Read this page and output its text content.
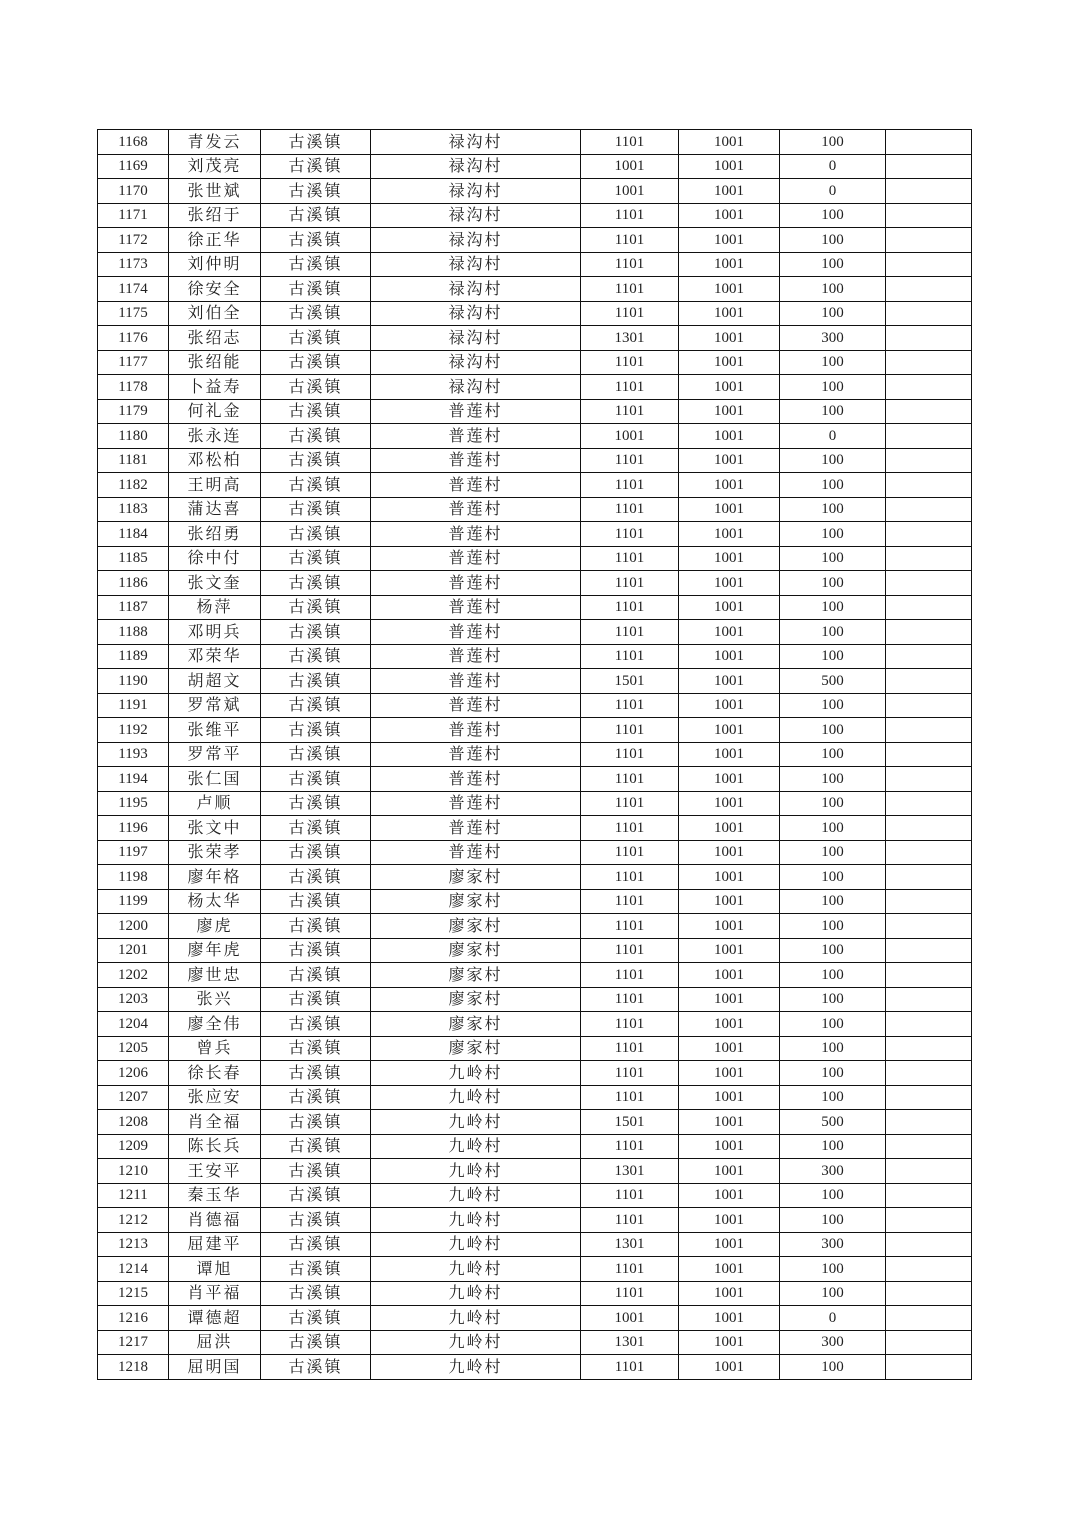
1168	青发云	古溪镇	禄沟村	1101	1001	100	
1169	刘茂亮	古溪镇	禄沟村	1001	1001	0	
1170	张世斌	古溪镇	禄沟村	1001	1001	0	
1171	张绍于	古溪镇	禄沟村	1101	1001	100	
1172	徐正华	古溪镇	禄沟村	1101	1001	100	
1173	刘仲明	古溪镇	禄沟村	1101	1001	100	
1174	徐安全	古溪镇	禄沟村	1101	1001	100	
1175	刘伯全	古溪镇	禄沟村	1101	1001	100	
1176	张绍志	古溪镇	禄沟村	1301	1001	300	
1177	张绍能	古溪镇	禄沟村	1101	1001	100	
1178	卜益寿	古溪镇	禄沟村	1101	1001	100	
1179	何礼金	古溪镇	普莲村	1101	1001	100	
1180	张永连	古溪镇	普莲村	1001	1001	0	
1181	邓松柏	古溪镇	普莲村	1101	1001	100	
1182	王明高	古溪镇	普莲村	1101	1001	100	
1183	蒲达喜	古溪镇	普莲村	1101	1001	100	
1184	张绍勇	古溪镇	普莲村	1101	1001	100	
1185	徐中付	古溪镇	普莲村	1101	1001	100	
1186	张文奎	古溪镇	普莲村	1101	1001	100	
1187	杨萍	古溪镇	普莲村	1101	1001	100	
1188	邓明兵	古溪镇	普莲村	1101	1001	100	
1189	邓荣华	古溪镇	普莲村	1101	1001	100	
1190	胡超文	古溪镇	普莲村	1501	1001	500	
1191	罗常斌	古溪镇	普莲村	1101	1001	100	
1192	张维平	古溪镇	普莲村	1101	1001	100	
1193	罗常平	古溪镇	普莲村	1101	1001	100	
1194	张仁国	古溪镇	普莲村	1101	1001	100	
1195	卢顺	古溪镇	普莲村	1101	1001	100	
1196	张文中	古溪镇	普莲村	1101	1001	100	
1197	张荣孝	古溪镇	普莲村	1101	1001	100	
1198	廖年格	古溪镇	廖家村	1101	1001	100	
1199	杨太华	古溪镇	廖家村	1101	1001	100	
1200	廖虎	古溪镇	廖家村	1101	1001	100	
1201	廖年虎	古溪镇	廖家村	1101	1001	100	
1202	廖世忠	古溪镇	廖家村	1101	1001	100	
1203	张兴	古溪镇	廖家村	1101	1001	100	
1204	廖全伟	古溪镇	廖家村	1101	1001	100	
1205	曾兵	古溪镇	廖家村	1101	1001	100	
1206	徐长春	古溪镇	九岭村	1101	1001	100	
1207	张应安	古溪镇	九岭村	1101	1001	100	
1208	肖全福	古溪镇	九岭村	1501	1001	500	
1209	陈长兵	古溪镇	九岭村	1101	1001	100	
1210	王安平	古溪镇	九岭村	1301	1001	300	
1211	秦玉华	古溪镇	九岭村	1101	1001	100	
1212	肖德福	古溪镇	九岭村	1101	1001	100	
1213	屈建平	古溪镇	九岭村	1301	1001	300	
1214	谭旭	古溪镇	九岭村	1101	1001	100	
1215	肖平福	古溪镇	九岭村	1101	1001	100	
1216	谭德超	古溪镇	九岭村	1001	1001	0	
1217	屈洪	古溪镇	九岭村	1301	1001	300	
1218	屈明国	古溪镇	九岭村	1101	1001	100	
